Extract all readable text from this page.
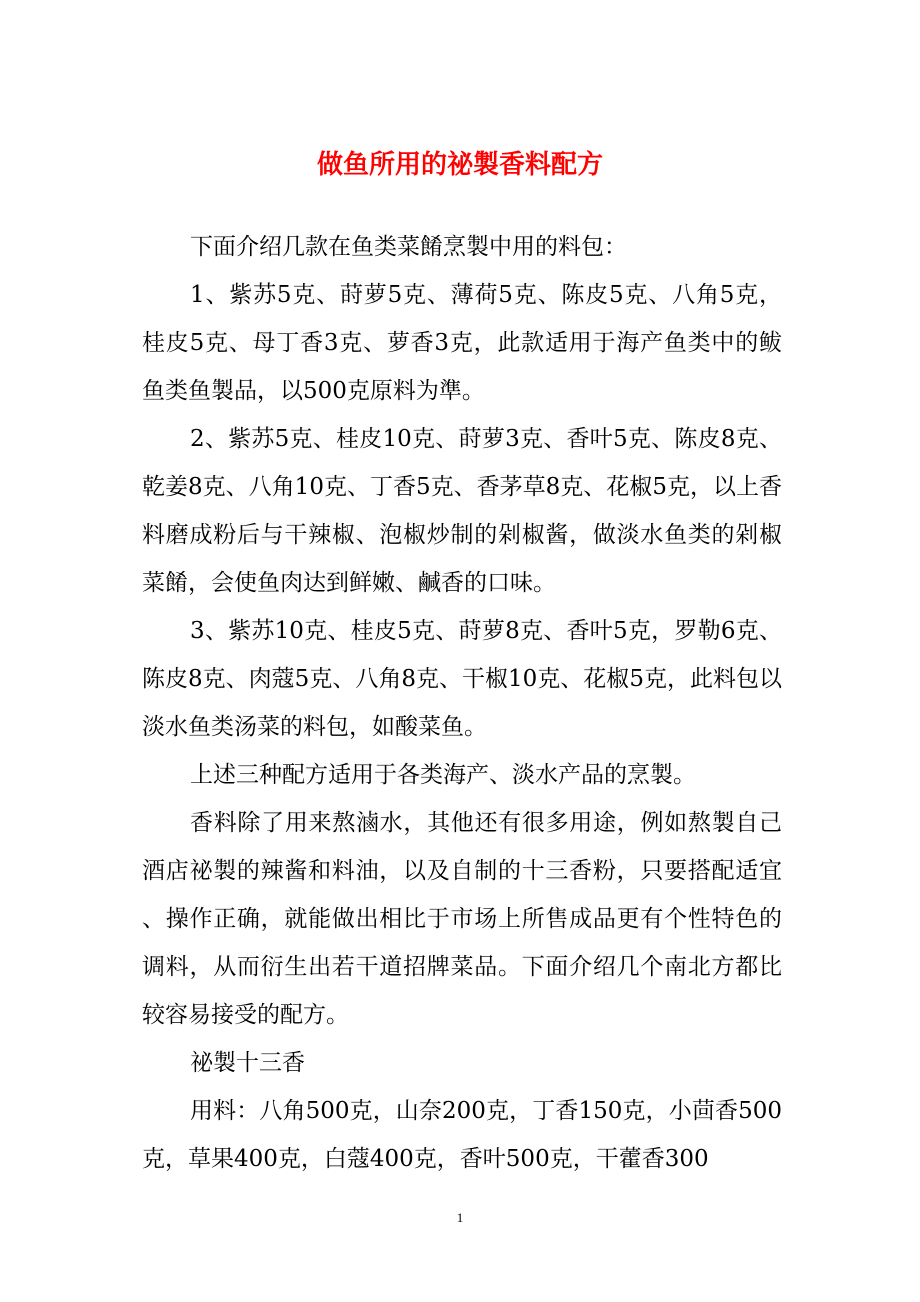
做鱼所用的祕製香料配方

下面介绍几款在鱼类菜餚烹製中用的料包：

1、紫苏5克、莳萝5克、薄荷5克、陈皮5克、八角5克，桂皮5克、母丁香3克、萝香3克，此款适用于海产鱼类中的鲅鱼类鱼製品，以500克原料为準。

2、紫苏5克、桂皮10克、莳萝3克、香叶5克、陈皮8克、乾姜8克、八角10克、丁香5克、香茅草8克、花椒5克，以上香料磨成粉后与干辣椒、泡椒炒制的剁椒酱，做淡水鱼类的剁椒菜餚，会使鱼肉达到鲜嫩、鹹香的口味。

3、紫苏10克、桂皮5克、莳萝8克、香叶5克，罗勒6克、陈皮8克、肉蔻5克、八角8克、干椒10克、花椒5克，此料包以淡水鱼类汤菜的料包，如酸菜鱼。

上述三种配方适用于各类海产、淡水产品的烹製。

香料除了用来熬滷水，其他还有很多用途，例如熬製自己酒店祕製的辣酱和料油，以及自制的十三香粉，只要搭配适宜、操作正确，就能做出相比于市场上所售成品更有个性特色的调料，从而衍生出若干道招牌菜品。下面介绍几个南北方都比较容易接受的配方。

祕製十三香

用料：八角500克，山奈200克，丁香150克，小茴香500克，草果400克，白蔻400克，香叶500克，干藿香300

1
